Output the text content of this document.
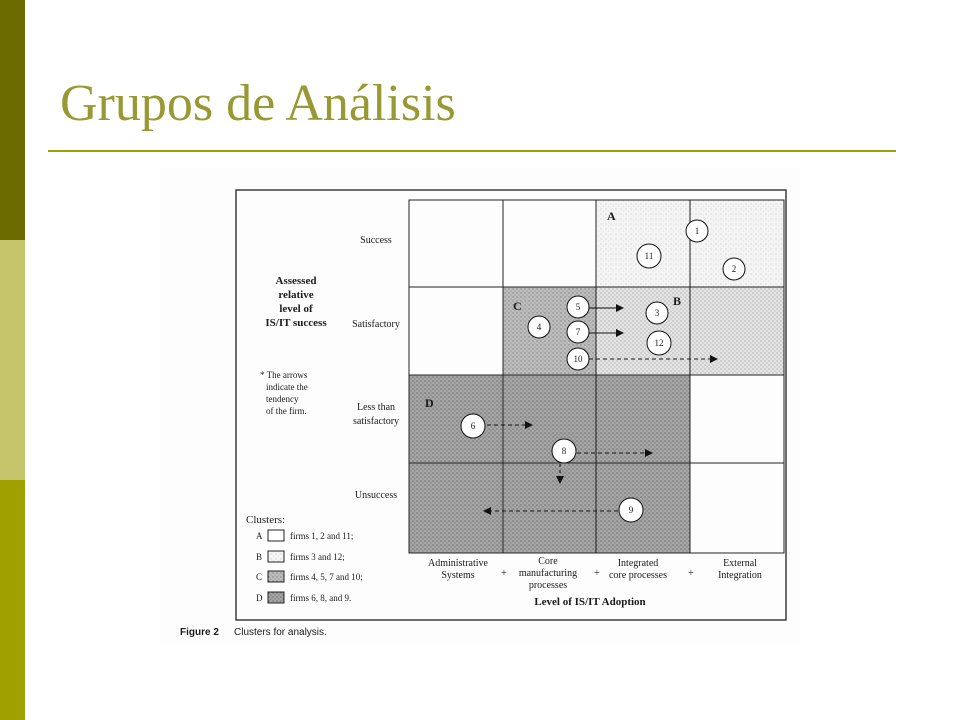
Grupos de Análisis
Assessed
relative
level of
IS/IT success
* The arrows
indicate the
tendency
of the firm.
Success
Satisfactory
Less than
satisfactory
Unsuccess
Administrative
Systems
Core
manufacturing
processes
Integrated
core processes
External
Integration
+	+	+
Level of IS/IT Adoption
A
B
C
D
1
2
3
4
5
6
7
8
9
10
11
12
Clusters:
A	firms 1, 2 and 11;
B	firms 3 and 12;
C	firms 4, 5, 7 and 10;
D	firms 6, 8, and 9.
Figure 2 Clusters for analysis.
